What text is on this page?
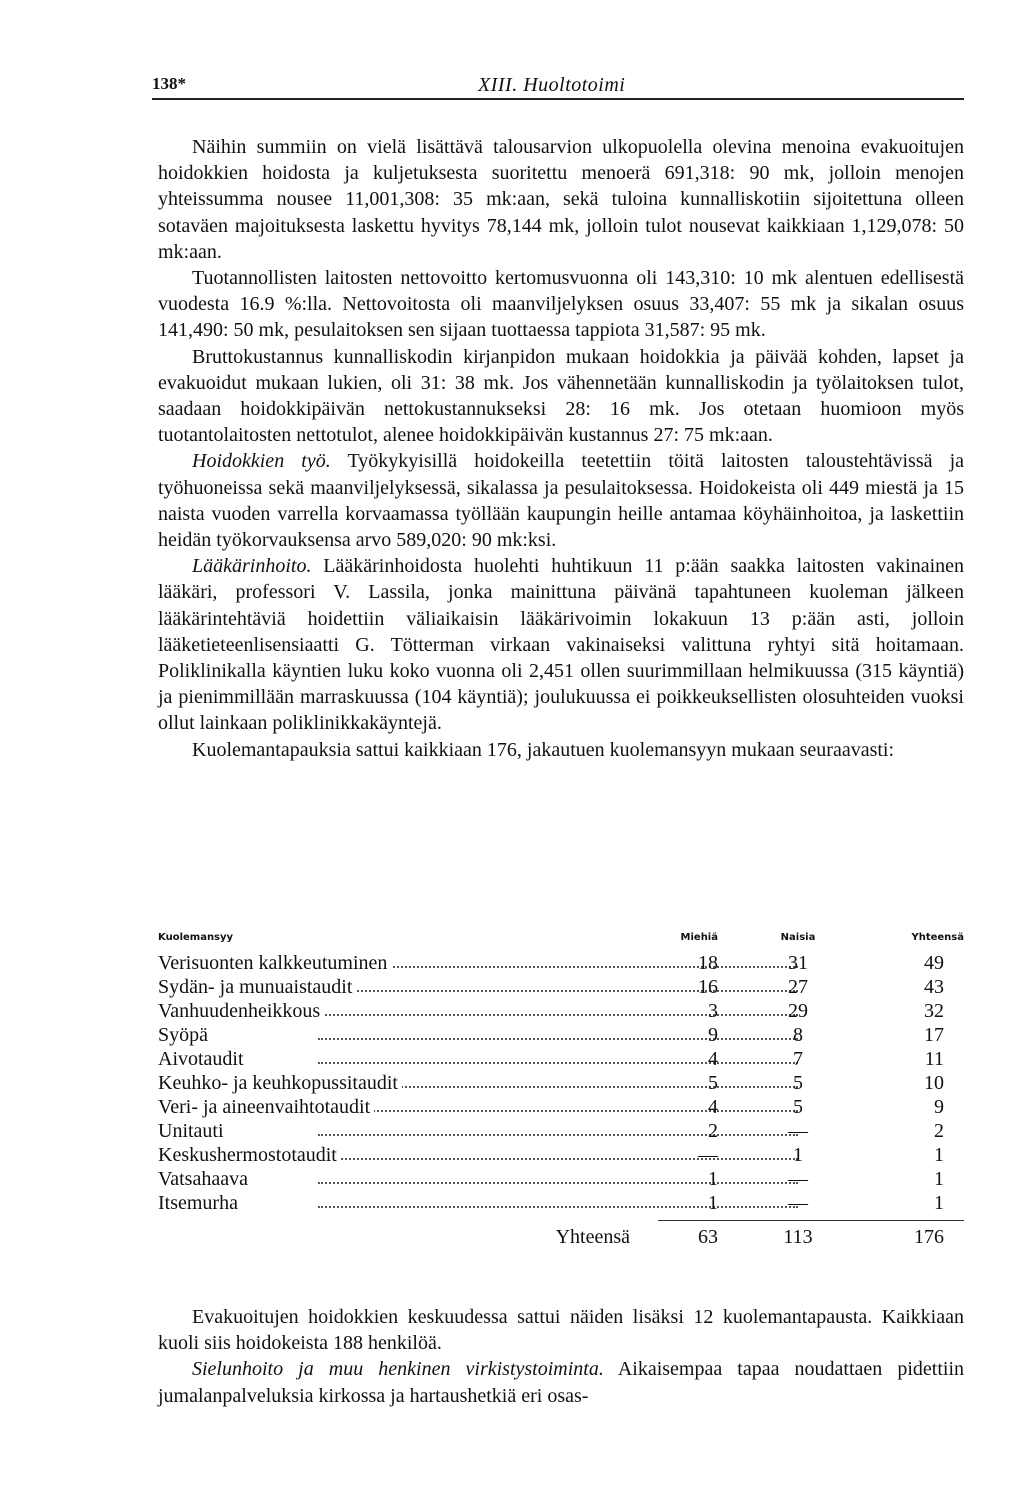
138*	XIII. Huoltotoimi

Näihin summiin on vielä lisättävä talousarvion ulkopuolella olevina menoina evakuoitujen hoidokkien hoidosta ja kuljetuksesta suoritettu menoerä 691,318: 90 mk, jolloin menojen yhteissumma nousee 11,001,308: 35 mk:aan, sekä tuloina kunnalliskotiin sijoitettuna olleen sotaväen majoituksesta laskettu hyvitys 78,144 mk, jolloin tulot nousevat kaikkiaan 1,129,078: 50 mk:aan.

Tuotannollisten laitosten nettovoitto kertomusvuonna oli 143,310: 10 mk alentuen edellisestä vuodesta 16.9 %:lla. Nettovoitosta oli maanviljelyksen osuus 33,407: 55 mk ja sikalan osuus 141,490: 50 mk, pesulaitoksen sen sijaan tuottaessa tappiota 31,587: 95 mk.

Bruttokustannus kunnalliskodin kirjanpidon mukaan hoidokkia ja päivää kohden, lapset ja evakuoidut mukaan lukien, oli 31: 38 mk. Jos vähennetään kunnalliskodin ja työlaitoksen tulot, saadaan hoidokkipäivän nettokustannukseksi 28: 16 mk. Jos otetaan huomioon myös tuotantolaitosten nettotulot, alenee hoidokkipäivän kustannus 27: 75 mk:aan.

Hoidokkien työ. Työkykyisillä hoidokeilla teetettiin töitä laitosten taloustehtävissä ja työhuoneissa sekä maanviljelyksessä, sikalassa ja pesulaitoksessa. Hoidokeista oli 449 miestä ja 15 naista vuoden varrella korvaamassa työllään kaupungin heille antamaa köyhäinhoitoa, ja laskettiin heidän työkorvauksensa arvo 589,020: 90 mk:ksi.

Lääkärinhoito. Lääkärinhoidosta huolehti huhtikuun 11 p:ään saakka laitosten vakinainen lääkäri, professori V. Lassila, jonka mainittuna päivänä tapahtuneen kuoleman jälkeen lääkärintehtäviä hoidettiin väliaikaisin lääkärivoimin lokakuun 13 p:ään asti, jolloin lääketieteenlisensiaatti G. Tötterman virkaan vakinaiseksi valittuna ryhtyi sitä hoitamaan. Poliklinikalla käyntien luku koko vuonna oli 2,451 ollen suurimmillaan helmikuussa (315 käyntiä) ja pienimmillään marraskuussa (104 käyntiä); joulukuussa ei poikkeuksellisten olosuhteiden vuoksi ollut lainkaan poliklinikkakäyntejä.

Kuolemantapauksia sattui kaikkiaan 176, jakautuen kuolemansyyn mukaan seuraavasti:

Kuolemansyy	Miehiä	Naisia	Yhteensä
Verisuonten kalkkeutuminen	18	31	49
Sydän- ja munuaistaudit	16	27	43
Vanhuudenheikkous	3	29	32
Syöpä	9	8	17
Aivotaudit	4	7	11
Keuhko- ja keuhkopussitaudit	5	5	10
Veri- ja aineenvaihtotaudit	4	5	9
Unitauti	2	—	2
Keskushermostotaudit	—	1	1
Vatsahaava	1	—	1
Itsemurha	1	—	1
Yhteensä	63	113	176

Evakuoitujen hoidokkien keskuudessa sattui näiden lisäksi 12 kuolemantapausta. Kaikkiaan kuoli siis hoidokeista 188 henkilöä.

Sielunhoito ja muu henkinen virkistystoiminta. Aikaisempaa tapaa noudattaen pidettiin jumalanpalveluksia kirkossa ja hartaushetkiä eri osas-
